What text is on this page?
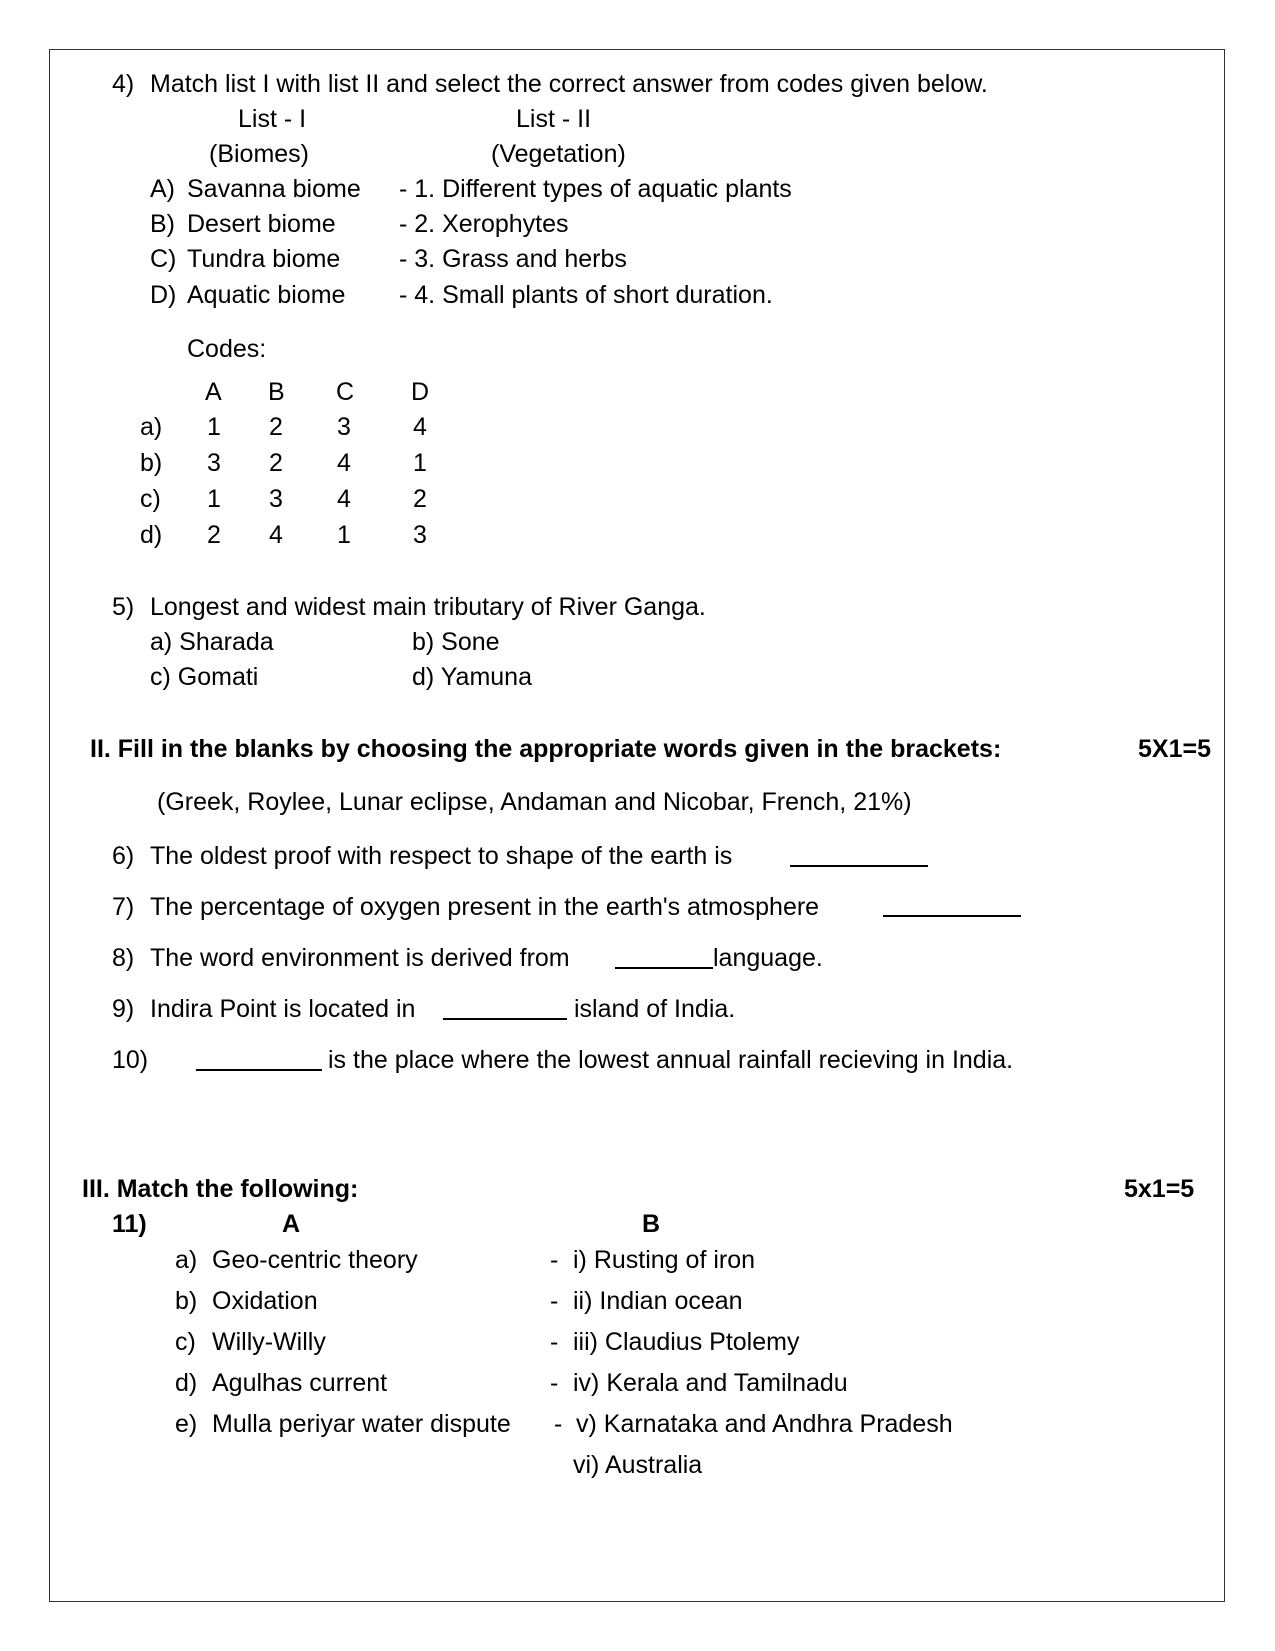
4) Match list I with list II and select the correct answer from codes given below.
List - I	List - II
(Biomes)	(Vegetation)
A) Savanna biome - 1. Different types of aquatic plants
B) Desert biome	- 2. Xerophytes
C) Tundra biome - 3. Grass and herbs
D) Aquatic biome - 4. Small plants of short duration.
Codes:
A B C D
a) 1 2 3 4
b) 3 2 4 1
c) 1 3 4 2
d) 2 4 1 3
5) Longest and widest main tributary of River Ganga.
a) Sharada	b) Sone
c) Gomati	d) Yamuna
II. Fill in the blanks by choosing the appropriate words given in the brackets:	5X1=5
(Greek, Roylee, Lunar eclipse, Andaman and Nicobar, French, 21%)
6) The oldest proof with respect to shape of the earth is
7) The percentage of oxygen present in the earth's atmosphere
8) The word environment is derived from	language.
9) Indira Point is located in	island of India.
10)	is the place where the lowest annual rainfall recieving in India.
III. Match the following:	5x1=5
11)	A	B
a) Geo-centric theory	- i) Rusting of iron
b) Oxidation	- ii) Indian ocean
c) Willy-Willy	- iii) Claudius Ptolemy
d) Agulhas current	- iv) Kerala and Tamilnadu
e) Mulla periyar water dispute - v) Karnataka and Andhra Pradesh
vi) Australia
